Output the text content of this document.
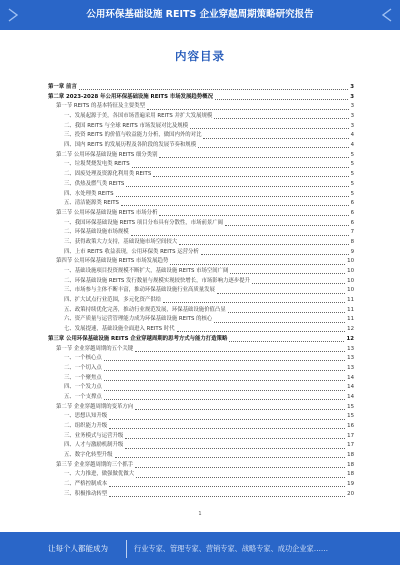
公用环保基础设施 REITS 企业穿越周期策略研究报告
内容目录
第一章 前言	3
第二章 2023-2028 年公用环保基础设施 REITS 市场发展趋势概况	3
第一节 REITS 的基本特征及主要类型	3
一、发展起源于美，各国市场普遍采用 REITS 并扩大发展规模	3
二、我国 REITS 与全球 REITS 市场发展对比及规模	3
三、投资 REITS 的价值与收益能力分析，做国内外的对比	4
四、国内 REITS 的发展历程及各阶段的发展节奏和规模	4
第二节 公用环保基础设施 REITS 细分类别	5
一、垃圾焚烧发电类 REITS	5
二、固废处理及资源化利用类 REITS	5
三、供热及燃气类 REITS	5
四、水处理类 REITS	5
五、清洁能源类 REITS	6
第三节 公用环保基础设施 REITS 市场分析	6
一、我国环保基础设施 REITS 项目分布具有分散性，市场前景广阔	6
二、环保基础设施市场规模	7
三、获得政策大力支持，基础设施市场空间较大	8
四、上市 REITS 收益表现，公用环保类 REITS 运营分析	9
第四节 公用环保基础设施 REITS 市场发展趋势	10
一、基础设施项目投资规模不断扩大，基础设施 REITS 市场空间广阔	10
二、环保基础设施 REITS 发行数量与规模实现较快增长，市场影响力逐步提升	10
三、市场参与主体不断丰富，推动环保基础设施行业高质量发展	10
四、扩大试点行业范围，多元化资产供给	11
五、政策持续优化完善，推动行业规范发展，环保基础设施价值凸显	11
六、资产质量与运营管理能力成为环保基础设施 REITS 的核心	11
七、发展提速，基础设施全面进入 REITS 时代	12
第三章 公用环保基础设施 REITS 企业穿越周期的思考方式与能力打造策略	12
第一节 企业穿越周期的五个关键	13
一、一个核心点	13
二、一个切入点	13
三、一个聚焦点	14
四、一个发力点	14
五、一个支撑点	14
第二节 企业穿越周期的变革方向	15
一、思想认知升级	15
二、组织能力升级	16
三、业务模式与运营升级	17
四、人才与激励机制升级	17
五、数字化转型升级	18
第三节 企业穿越周期的三个抓手	18
一、大力推进，做强做优做大	18
二、严格控制成本	19
三、积极推动转型	20
1
让每个人都能成为	行业专家、管理专家、营销专家、战略专家、成功企业家……
